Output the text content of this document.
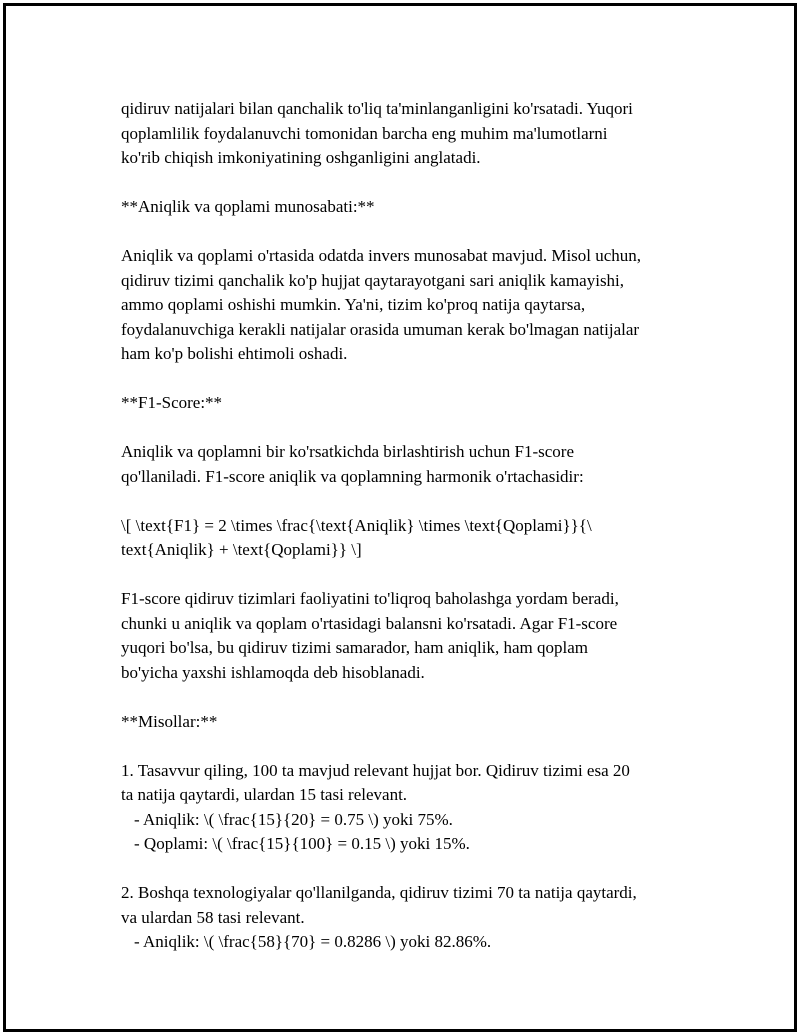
qidiruv natijalari bilan qanchalik to'liq ta'minlanganligini ko'rsatadi. Yuqori
qoplamlilik foydalanuvchi tomonidan barcha eng muhim ma'lumotlarni
ko'rib chiqish imkoniyatining oshganligini anglatadi.
**Aniqlik va qoplami munosabati:**
Aniqlik va qoplami o'rtasida odatda invers munosabat mavjud. Misol uchun,
qidiruv tizimi qanchalik ko'p hujjat qaytarayotgani sari aniqlik kamayishi,
ammo qoplami oshishi mumkin. Ya'ni, tizim ko'proq natija qaytarsa,
foydalanuvchiga kerakli natijalar orasida umuman kerak bo'lmagan natijalar
ham ko'p bolishi ehtimoli oshadi.
**F1-Score:**
Aniqlik va qoplamni bir ko'rsatkichda birlashtirish uchun F1-score
qo'llaniladi. F1-score aniqlik va qoplamning harmonik o'rtachasidir:
\[ \text{F1} = 2 \times \frac{\text{Aniqlik} \times \text{Qoplami}}{\
text{Aniqlik} + \text{Qoplami}} \]
F1-score qidiruv tizimlari faoliyatini to'liqroq baholashga yordam beradi,
chunki u aniqlik va qoplam o'rtasidagi balansni ko'rsatadi. Agar F1-score
yuqori bo'lsa, bu qidiruv tizimi samarador, ham aniqlik, ham qoplam
bo'yicha yaxshi ishlamoqda deb hisoblanadi.
**Misollar:**
1. Tasavvur qiling, 100 ta mavjud relevant hujjat bor. Qidiruv tizimi esa 20
ta natija qaytardi, ulardan 15 tasi relevant.
- Aniqlik: \( \frac{15}{20} = 0.75 \) yoki 75%.
- Qoplami: \( \frac{15}{100} = 0.15 \) yoki 15%.
2. Boshqa texnologiyalar qo'llanilganda, qidiruv tizimi 70 ta natija qaytardi,
va ulardan 58 tasi relevant.
- Aniqlik: \( \frac{58}{70} = 0.8286 \) yoki 82.86%.
